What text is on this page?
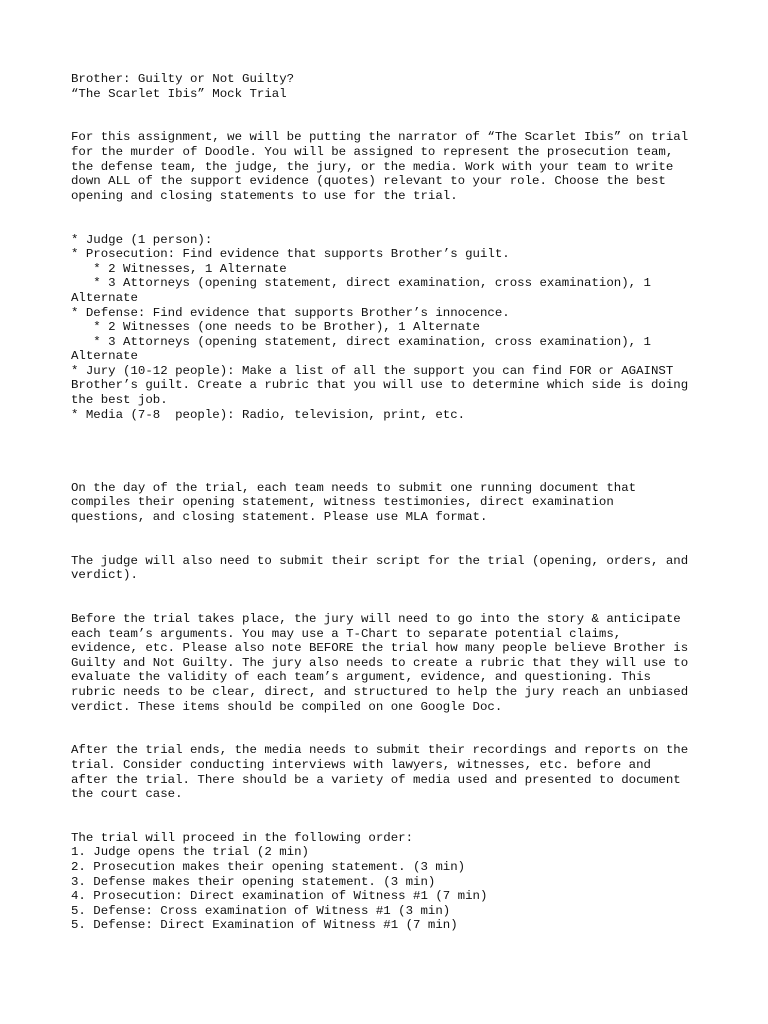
Brother: Guilty or Not Guilty?
“The Scarlet Ibis” Mock Trial
For this assignment, we will be putting the narrator of “The Scarlet Ibis” on trial
for the murder of Doodle. You will be assigned to represent the prosecution team,
the defense team, the judge, the jury, or the media. Work with your team to write
down ALL of the support evidence (quotes) relevant to your role. Choose the best
opening and closing statements to use for the trial.
* Judge (1 person):
* Prosecution: Find evidence that supports Brother’s guilt.
* 2 Witnesses, 1 Alternate
* 3 Attorneys (opening statement, direct examination, cross examination), 1
Alternate
* Defense: Find evidence that supports Brother’s innocence.
* 2 Witnesses (one needs to be Brother), 1 Alternate
* 3 Attorneys (opening statement, direct examination, cross examination), 1
Alternate
* Jury (10-12 people): Make a list of all the support you can find FOR or AGAINST
Brother’s guilt. Create a rubric that you will use to determine which side is doing
the best job.
* Media (7-8  people): Radio, television, print, etc.
On the day of the trial, each team needs to submit one running document that
compiles their opening statement, witness testimonies, direct examination
questions, and closing statement. Please use MLA format.
The judge will also need to submit their script for the trial (opening, orders, and
verdict).
Before the trial takes place, the jury will need to go into the story & anticipate
each team’s arguments. You may use a T-Chart to separate potential claims,
evidence, etc. Please also note BEFORE the trial how many people believe Brother is
Guilty and Not Guilty. The jury also needs to create a rubric that they will use to
evaluate the validity of each team’s argument, evidence, and questioning. This
rubric needs to be clear, direct, and structured to help the jury reach an unbiased
verdict. These items should be compiled on one Google Doc.
After the trial ends, the media needs to submit their recordings and reports on the
trial. Consider conducting interviews with lawyers, witnesses, etc. before and
after the trial. There should be a variety of media used and presented to document
the court case.
The trial will proceed in the following order:
1. Judge opens the trial (2 min)
2. Prosecution makes their opening statement. (3 min)
3. Defense makes their opening statement. (3 min)
4. Prosecution: Direct examination of Witness #1 (7 min)
5. Defense: Cross examination of Witness #1 (3 min)
5. Defense: Direct Examination of Witness #1 (7 min)
